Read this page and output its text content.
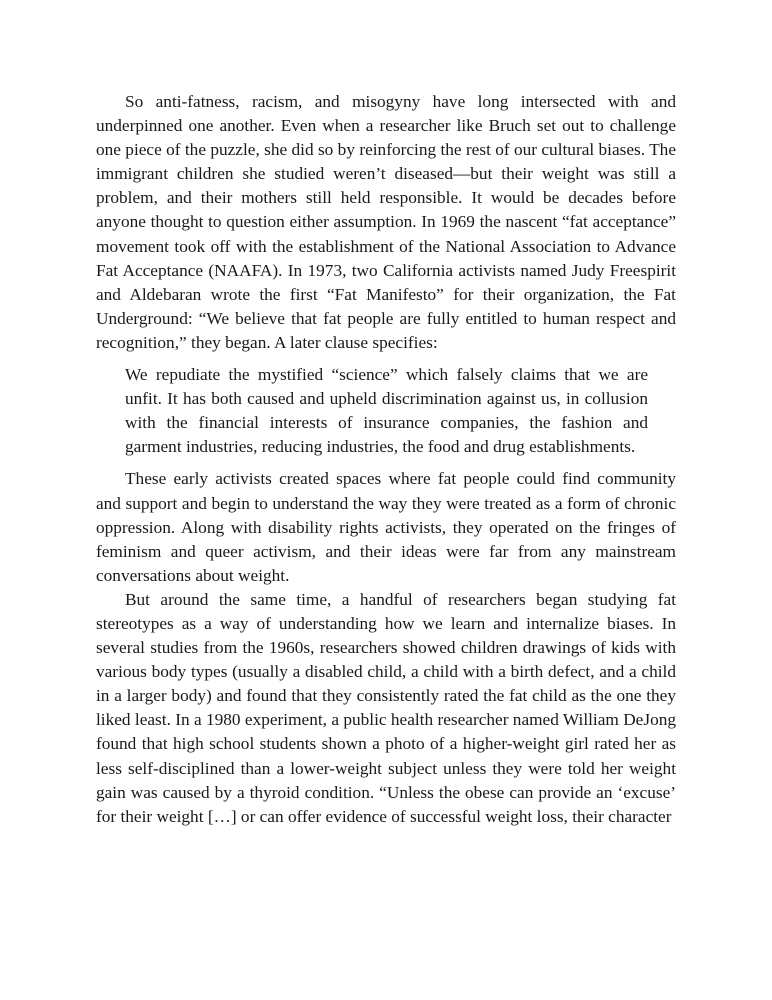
So anti-fatness, racism, and misogyny have long intersected with and underpinned one another. Even when a researcher like Bruch set out to challenge one piece of the puzzle, she did so by reinforcing the rest of our cultural biases. The immigrant children she studied weren’t diseased—but their weight was still a problem, and their mothers still held responsible. It would be decades before anyone thought to question either assumption. In 1969 the nascent “fat acceptance” movement took off with the establishment of the National Association to Advance Fat Acceptance (NAAFA). In 1973, two California activists named Judy Freespirit and Aldebaran wrote the first “Fat Manifesto” for their organization, the Fat Underground: “We believe that fat people are fully entitled to human respect and recognition,” they began. A later clause specifies:

We repudiate the mystified “science” which falsely claims that we are unfit. It has both caused and upheld discrimination against us, in collusion with the financial interests of insurance companies, the fashion and garment industries, reducing industries, the food and drug establishments.

These early activists created spaces where fat people could find community and support and begin to understand the way they were treated as a form of chronic oppression. Along with disability rights activists, they operated on the fringes of feminism and queer activism, and their ideas were far from any mainstream conversations about weight.

But around the same time, a handful of researchers began studying fat stereotypes as a way of understanding how we learn and internalize biases. In several studies from the 1960s, researchers showed children drawings of kids with various body types (usually a disabled child, a child with a birth defect, and a child in a larger body) and found that they consistently rated the fat child as the one they liked least. In a 1980 experiment, a public health researcher named William DeJong found that high school students shown a photo of a higher-weight girl rated her as less self-disciplined than a lower-weight subject unless they were told her weight gain was caused by a thyroid condition. “Unless the obese can provide an ‘excuse’ for their weight […] or can offer evidence of successful weight loss, their character
